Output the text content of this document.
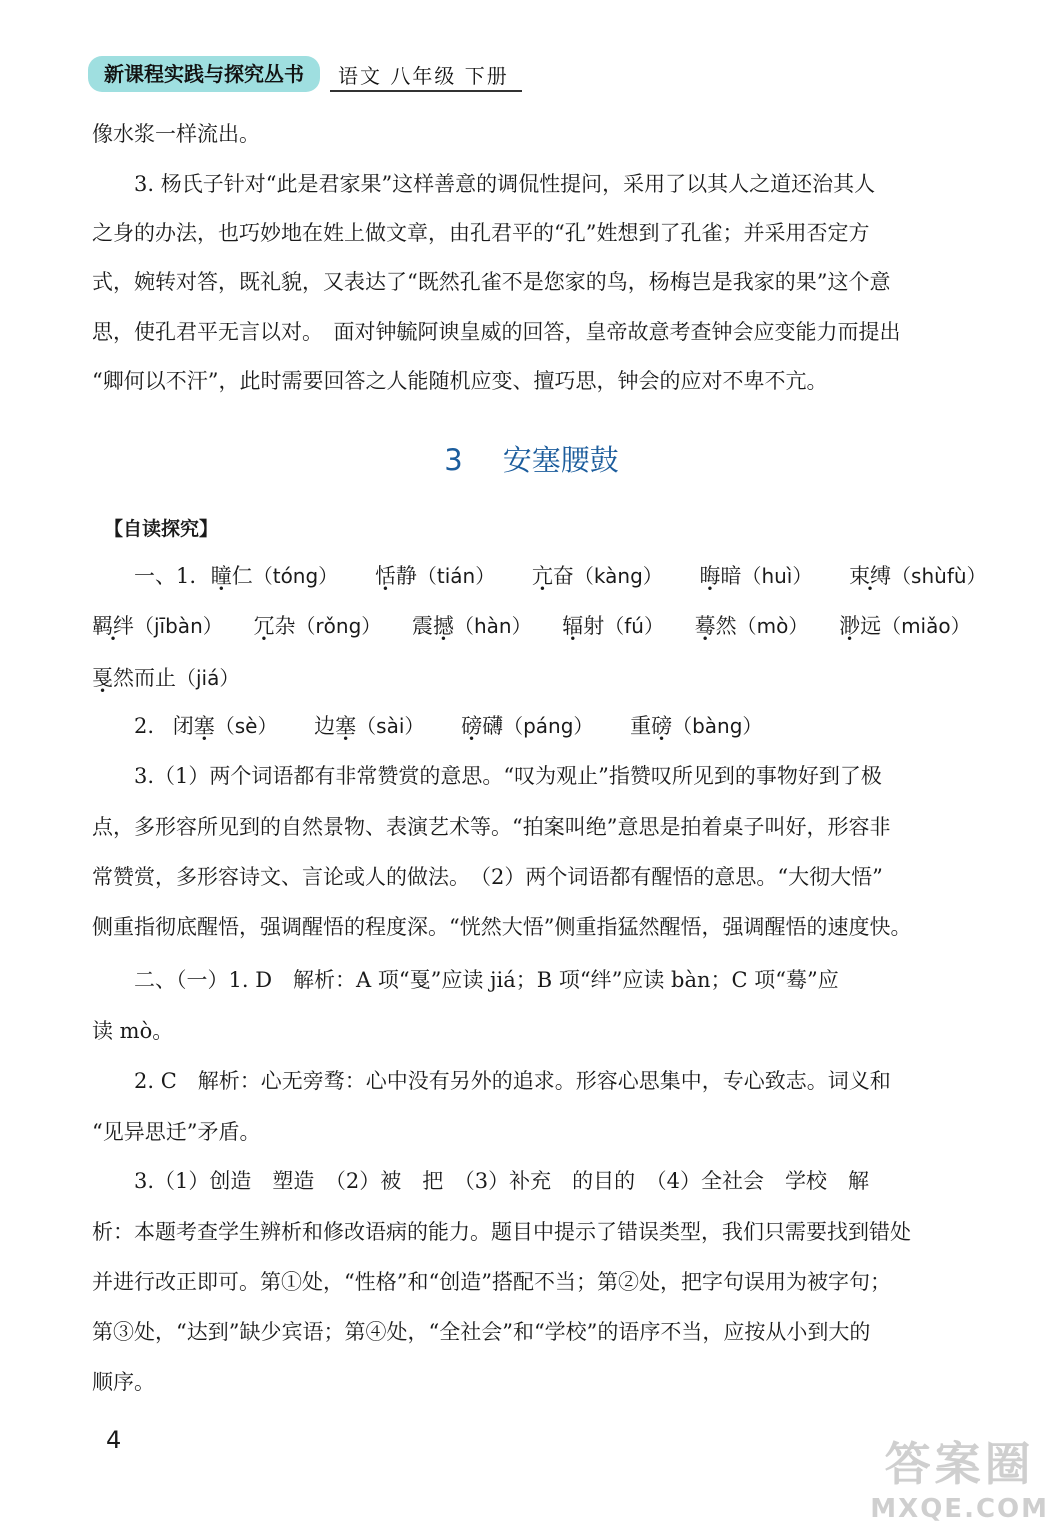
新课程实践与探究丛书	语文 八年级 下册
像水浆一样流出。
3. 杨氏子针对“此是君家果”这样善意的调侃性提问，采用了以其人之道还治其人
之身的办法，也巧妙地在姓上做文章，由孔君平的“孔”姓想到了孔雀；并采用否定方
式，婉转对答，既礼貌，又表达了“既然孔雀不是您家的鸟，杨梅岂是我家的果”这个意
思，使孔君平无言以对。　面对钟毓阿谀皇威的回答，皇帝故意考查钟会应变能力而提出
“卿何以不汗”，此时需要回答之人能随机应变、擅巧思，钟会的应对不卑不亢。
3 安塞腰鼓
【自读探究】
一、1. 瞳仁（tóng） 恬静（tián） 亢奋（kàng） 晦暗（huì） 束缚（shùfù）
羁绊（jībàn） 冗杂（rǒng） 震撼（hàn） 辐射（fú） 蓦然（mò） 渺远（miǎo）
戛然而止（jiá）
2. 闭塞（sè） 边塞（sài） 磅礴（páng） 重磅（bàng）
3.（1）两个词语都有非常赞赏的意思。“叹为观止”指赞叹所见到的事物好到了极
点，多形容所见到的自然景物、表演艺术等。“拍案叫绝”意思是拍着桌子叫好，形容非
常赞赏，多形容诗文、言论或人的做法。　（2）两个词语都有醒悟的意思。“大彻大悟”
侧重指彻底醒悟，强调醒悟的程度深。“恍然大悟”侧重指猛然醒悟，强调醒悟的速度快。
二、（一）1. D　解析：A 项“戛”应读 jiá；B 项“绊”应读 bàn；C 项“蓦”应
读 mò。
2. C　解析：心无旁骛：心中没有另外的追求。形容心思集中，专心致志。词义和
“见异思迁”矛盾。
3.（1）创造　塑造　（2）被　把　（3）补充　的目的　（4）全社会　学校　解
析：本题考查学生辨析和修改语病的能力。题目中提示了错误类型，我们只需要找到错处
并进行改正即可。第①处，“性格”和“创造”搭配不当；第②处，把字句误用为被字句；
第③处，“达到”缺少宾语；第④处，“全社会”和“学校”的语序不当，应按从小到大的
顺序。
4	答案圈
MXQE.COM
